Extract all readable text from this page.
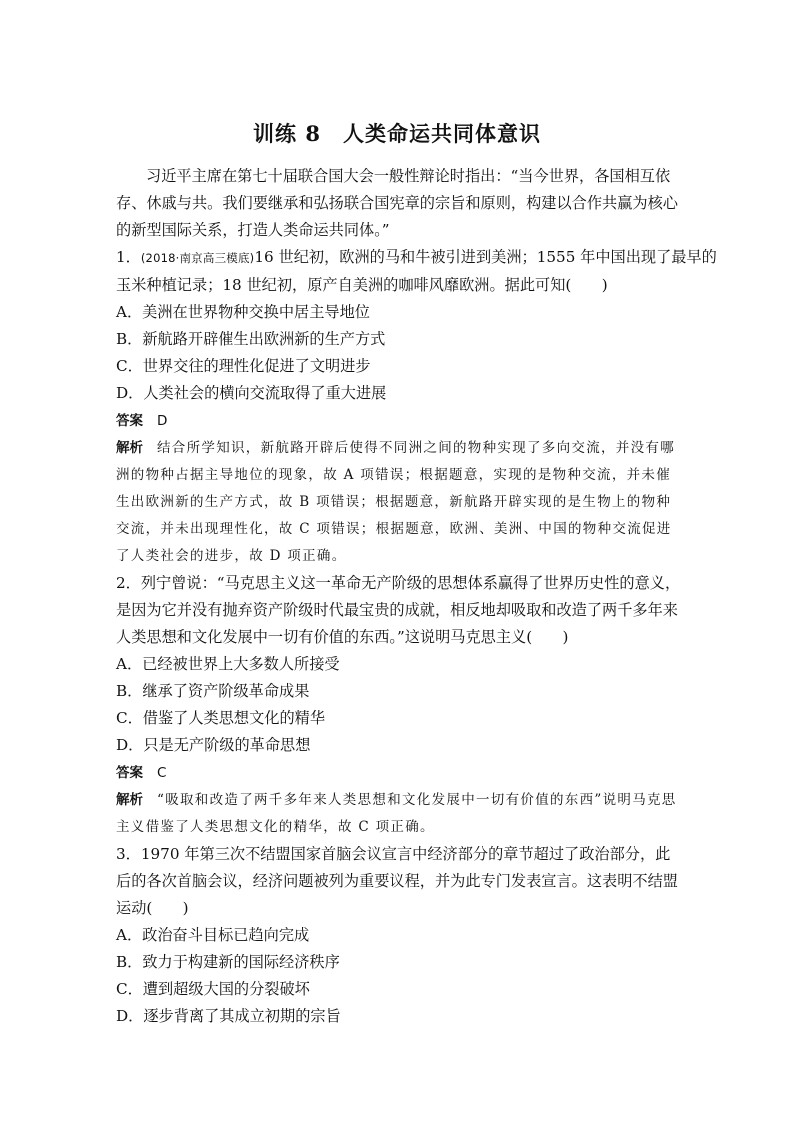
训练 8　人类命运共同体意识

习近平主席在第七十届联合国大会一般性辩论时指出：“当今世界，各国相互依存、休戚与共。我们要继承和弘扬联合国宪章的宗旨和原则，构建以合作共赢为核心的新型国际关系，打造人类命运共同体。”

1．(2018·南京高三模底)16 世纪初，欧洲的马和牛被引进到美洲；1555 年中国出现了最早的
玉米种植记录；18 世纪初，原产自美洲的咖啡风靡欧洲。据此可知(　　)

A．美洲在世界物种交换中居主导地位

B．新航路开辟催生出欧洲新的生产方式

C．世界交往的理性化促进了文明进步

D．人类社会的横向交流取得了重大进展

答案 D

解析 结合所学知识，新航路开辟后使得不同洲之间的物种实现了多向交流，并没有哪洲的物种占据主导地位的现象，故 A 项错误；根据题意，实现的是物种交流，并未催生出欧洲新的生产方式，故 B 项错误；根据题意，新航路开辟实现的是生物上的物种交流，并未出现理性化，故 C 项错误；根据题意，欧洲、美洲、中国的物种交流促进了人类社会的进步，故 D 项正确。

2．列宁曾说：“马克思主义这一革命无产阶级的思想体系赢得了世界历史性的意义，是因为它并没有抛弃资产阶级时代最宝贵的成就，相反地却吸取和改造了两千多年来人类思想和文化发展中一切有价值的东西。”这说明马克思主义(　　)

A．已经被世界上大多数人所接受

B．继承了资产阶级革命成果

C．借鉴了人类思想文化的精华

D．只是无产阶级的革命思想

答案 C

解析 “吸取和改造了两千多年来人类思想和文化发展中一切有价值的东西”说明马克思主义借鉴了人类思想文化的精华，故 C 项正确。

3．1970 年第三次不结盟国家首脑会议宣言中经济部分的章节超过了政治部分，此后的各次首脑会议，经济问题被列为重要议程，并为此专门发表宣言。这表明不结盟运动(　　)

A．政治奋斗目标已趋向完成

B．致力于构建新的国际经济秩序

C．遭到超级大国的分裂破坏

D．逐步背离了其成立初期的宗旨
